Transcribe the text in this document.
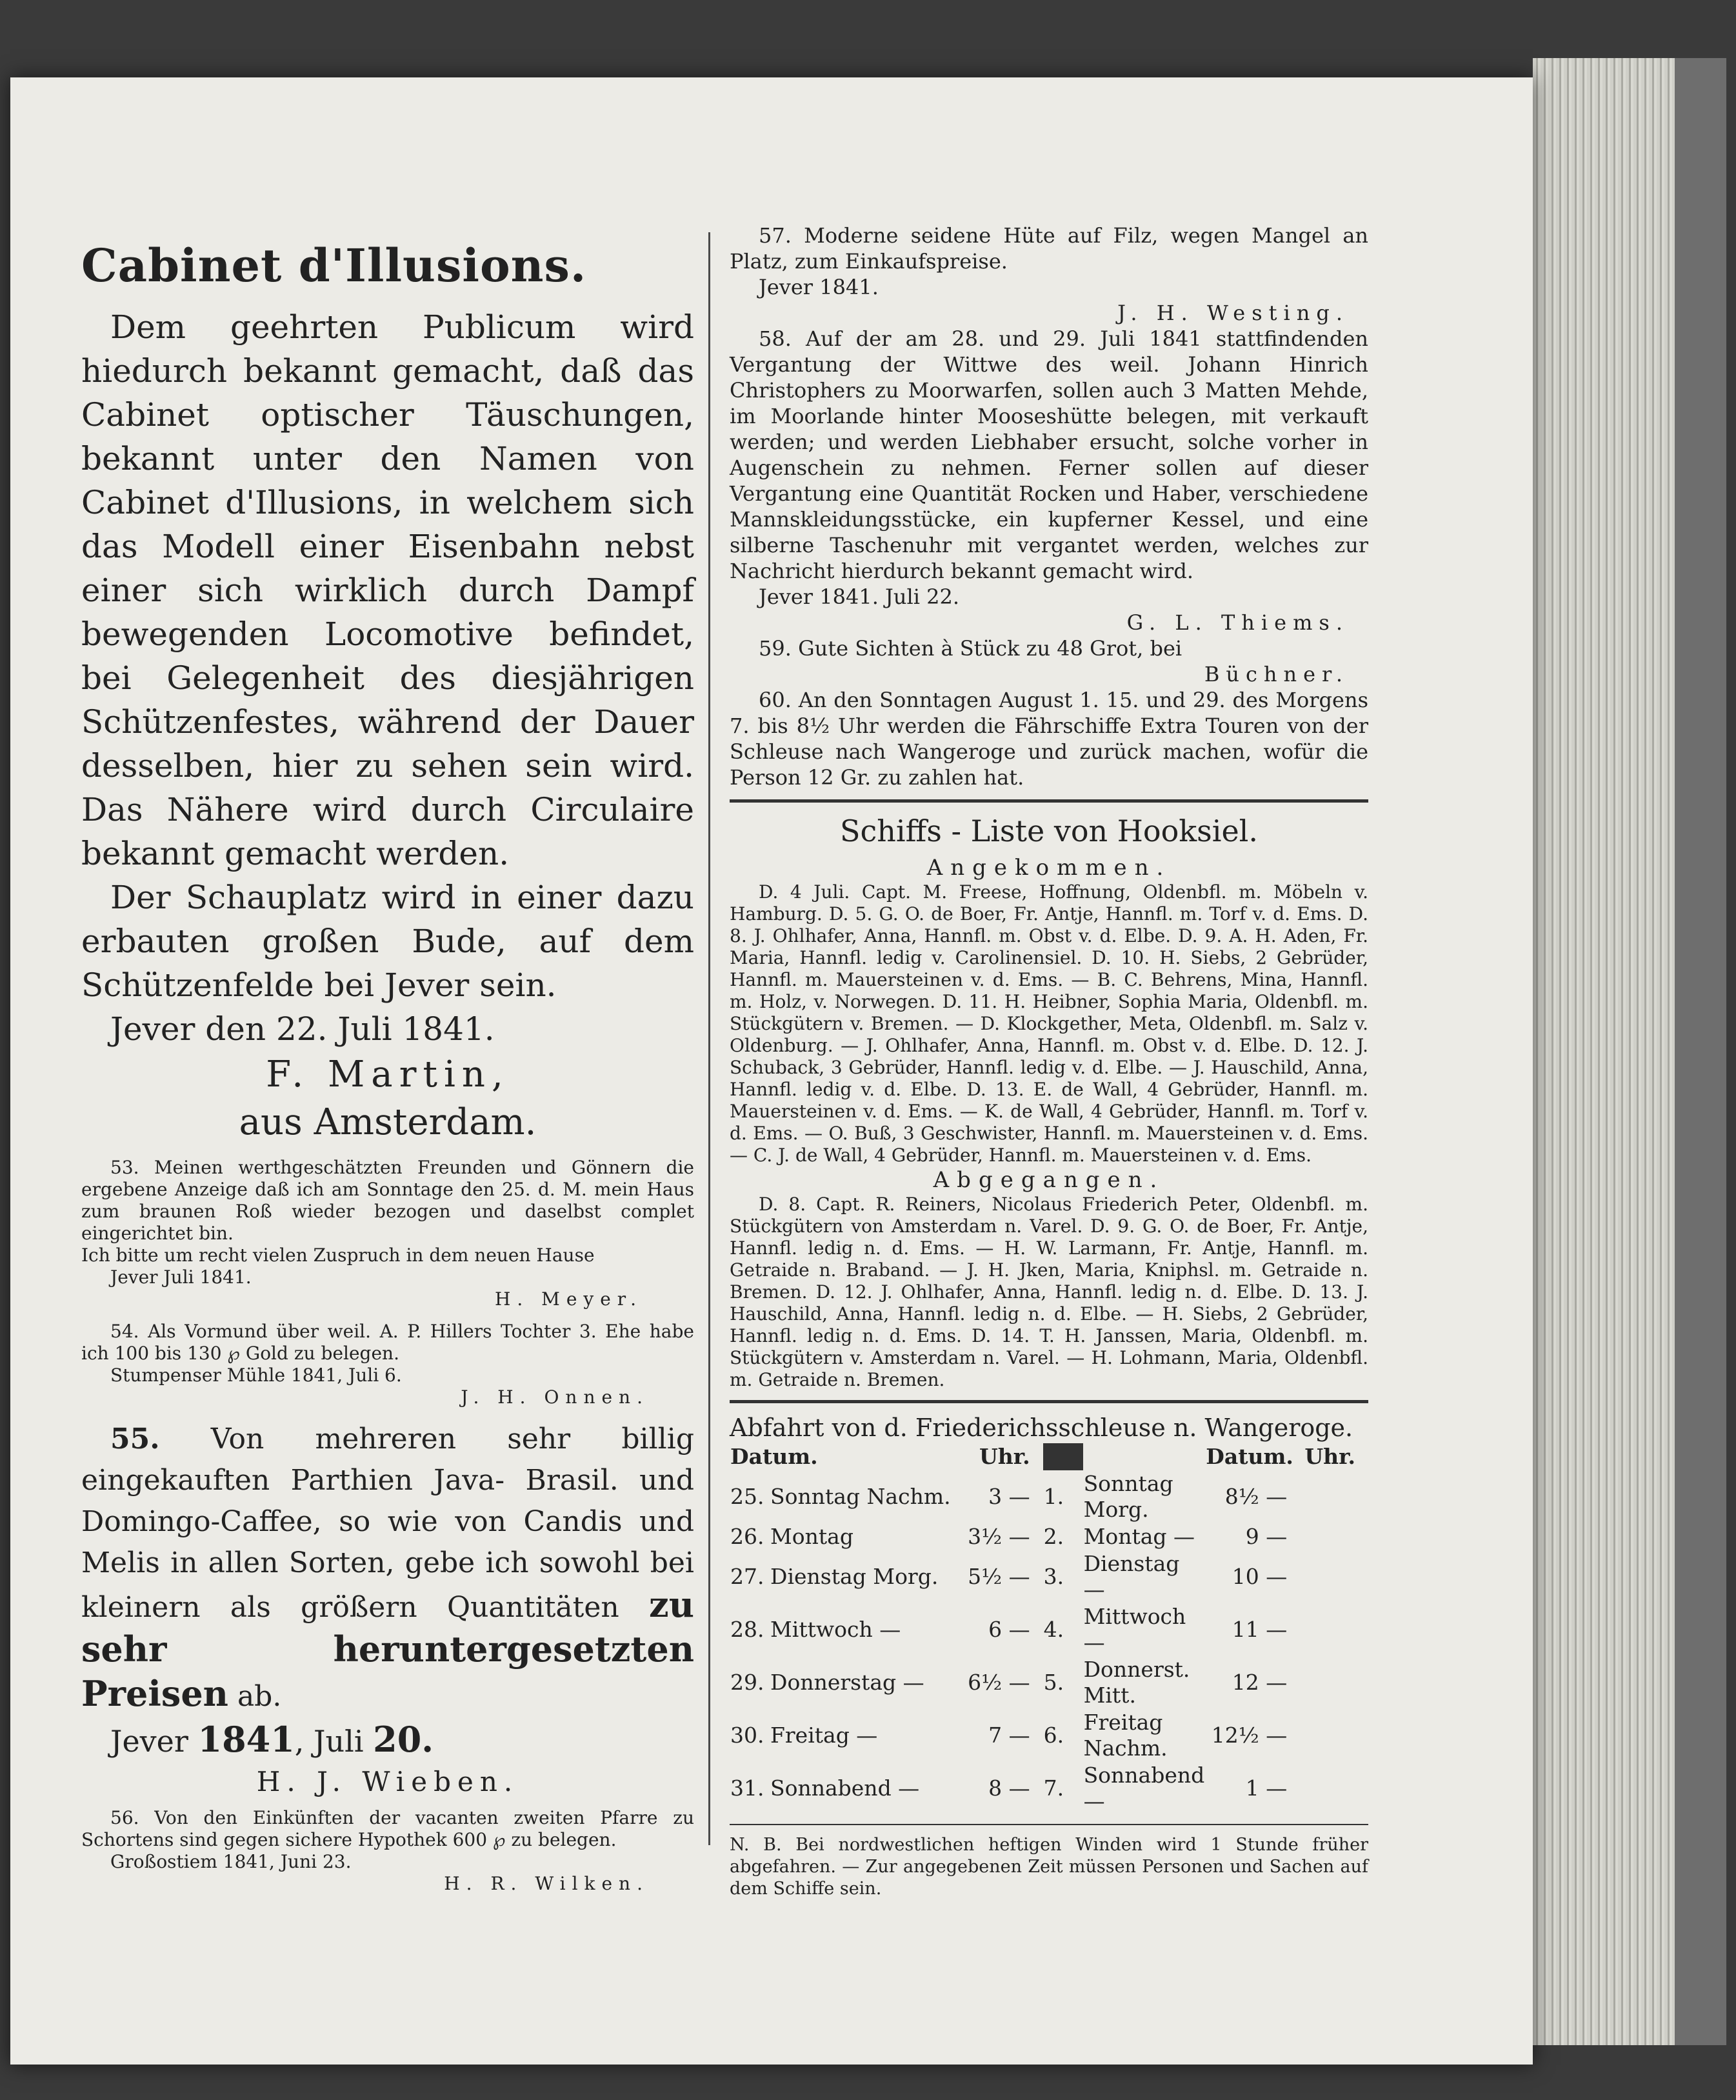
Cabinet d'Illusions.

Dem geehrten Publicum wird hiedurch bekannt gemacht, daß das Cabinet optischer Täuschungen, bekannt unter den Namen von Cabinet d'Illusions, in welchem sich das Modell einer Eisenbahn nebst einer sich wirklich durch Dampf bewegenden Locomotive befindet, bei Gelegenheit des diesjährigen Schützenfestes, während der Dauer desselben, hier zu sehen sein wird. Das Nähere wird durch Circulaire bekannt gemacht werden.

Der Schauplatz wird in einer dazu erbauten großen Bude, auf dem Schützenfelde bei Jever sein.

Jever den 22. Juli 1841.

F. Martin,

aus Amsterdam.

53. Meinen werthgeschätzten Freunden und Gönnern die ergebene Anzeige daß ich am Sonntage den 25. d. M. mein Haus zum braunen Roß wieder bezogen und daselbst complet eingerichtet bin.

Ich bitte um recht vielen Zuspruch in dem neuen Hause

Jever Juli 1841.

H. Meyer.

54. Als Vormund über weil. A. P. Hillers Tochter 3. Ehe habe ich 100 bis 130 ℘ Gold zu belegen.

Stumpenser Mühle 1841, Juli 6.

J. H. Onnen.

55. Von mehreren sehr billig eingekauften Parthien Java- Brasil. und Domingo-Caffee, so wie von Candis und Melis in allen Sorten, gebe ich sowohl bei kleinern als größern Quantitäten zu sehr heruntergesetzten Preisen ab.

Jever 1841, Juli 20.

H. J. Wieben.

56. Von den Einkünften der vacanten zweiten Pfarre zu Schortens sind gegen sichere Hypothek 600 ℘ zu belegen.

Großostiem 1841, Juni 23.

H. R. Wilken.

57. Moderne seidene Hüte auf Filz, wegen Mangel an Platz, zum Einkaufspreise.

Jever 1841.

J. H. Westing.

58. Auf der am 28. und 29. Juli 1841 stattfindenden Vergantung der Wittwe des weil. Johann Hinrich Christophers zu Moorwarfen, sollen auch 3 Matten Mehde, im Moorlande hinter Mooseshütte belegen, mit verkauft werden; und werden Liebhaber ersucht, solche vorher in Augenschein zu nehmen. Ferner sollen auf dieser Vergantung eine Quantität Rocken und Haber, verschiedene Mannskleidungsstücke, ein kupferner Kessel, und eine silberne Taschenuhr mit vergantet werden, welches zur Nachricht hierdurch bekannt gemacht wird.

Jever 1841. Juli 22.

G. L. Thiems.

59. Gute Sichten à Stück zu 48 Grot, bei

Büchner.

60. An den Sonntagen August 1. 15. und 29. des Morgens 7. bis 8½ Uhr werden die Fährschiffe Extra Touren von der Schleuse nach Wangeroge und zurück machen, wofür die Person 12 Gr. zu zahlen hat.

Schiffs - Liste von Hooksiel.

Angekommen.

D. 4 Juli. Capt. M. Freese, Hoffnung, Oldenbfl. m. Möbeln v. Hamburg. D. 5. G. O. de Boer, Fr. Antje, Hannfl. m. Torf v. d. Ems. D. 8. J. Ohlhafer, Anna, Hannfl. m. Obst v. d. Elbe. D. 9. A. H. Aden, Fr. Maria, Hannfl. ledig v. Carolinensiel. D. 10. H. Siebs, 2 Gebrüder, Hannfl. m. Mauersteinen v. d. Ems. — B. C. Behrens, Mina, Hannfl. m. Holz, v. Norwegen. D. 11. H. Heibner, Sophia Maria, Oldenbfl. m. Stückgütern v. Bremen. — D. Klockgether, Meta, Oldenbfl. m. Salz v. Oldenburg. — J. Ohlhafer, Anna, Hannfl. m. Obst v. d. Elbe. D. 12. J. Schuback, 3 Gebrüder, Hannfl. ledig v. d. Elbe. — J. Hauschild, Anna, Hannfl. ledig v. d. Elbe. D. 13. E. de Wall, 4 Gebrüder, Hannfl. m. Mauersteinen v. d. Ems. — K. de Wall, 4 Gebrüder, Hannfl. m. Torf v. d. Ems. — O. Buß, 3 Geschwister, Hannfl. m. Mauersteinen v. d. Ems. — C. J. de Wall, 4 Gebrüder, Hannfl. m. Mauersteinen v. d. Ems.

Abgegangen.

D. 8. Capt. R. Reiners, Nicolaus Friederich Peter, Oldenbfl. m. Stückgütern von Amsterdam n. Varel. D. 9. G. O. de Boer, Fr. Antje, Hannfl. ledig n. d. Ems. — H. W. Larmann, Fr. Antje, Hannfl. m. Getraide n. Braband. — J. H. Jken, Maria, Kniphsl. m. Getraide n. Bremen. D. 12. J. Ohlhafer, Anna, Hannfl. ledig n. d. Elbe. D. 13. J. Hauschild, Anna, Hannfl. ledig n. d. Elbe. — H. Siebs, 2 Gebrüder, Hannfl. ledig n. d. Ems. D. 14. T. H. Janssen, Maria, Oldenbfl. m. Stückgütern v. Amsterdam n. Varel. — H. Lohmann, Maria, Oldenbfl. m. Getraide n. Bremen.

Abfahrt von d. Friederichsschleuse n. Wangeroge.

Datum.		Uhr.			Datum.	Uhr.
25.	Sonntag Nachm.	3 —	1.	Sonntag Morg.	8½ —	
26.	Montag	3½ —	2.	Montag —	9 —	
27.	Dienstag Morg.	5½ —	3.	Dienstag —	10 —	
28.	Mittwoch —	6 —	4.	Mittwoch —	11 —	
29.	Donnerstag —	6½ —	5.	Donnerst. Mitt.	12 —	
30.	Freitag —	7 —	6.	Freitag Nachm.	12½ —	
31.	Sonnabend —	8 —	7.	Sonnabend —	1 —	

N. B. Bei nordwestlichen heftigen Winden wird 1 Stunde früher abgefahren. — Zur angegebenen Zeit müssen Personen und Sachen auf dem Schiffe sein.
